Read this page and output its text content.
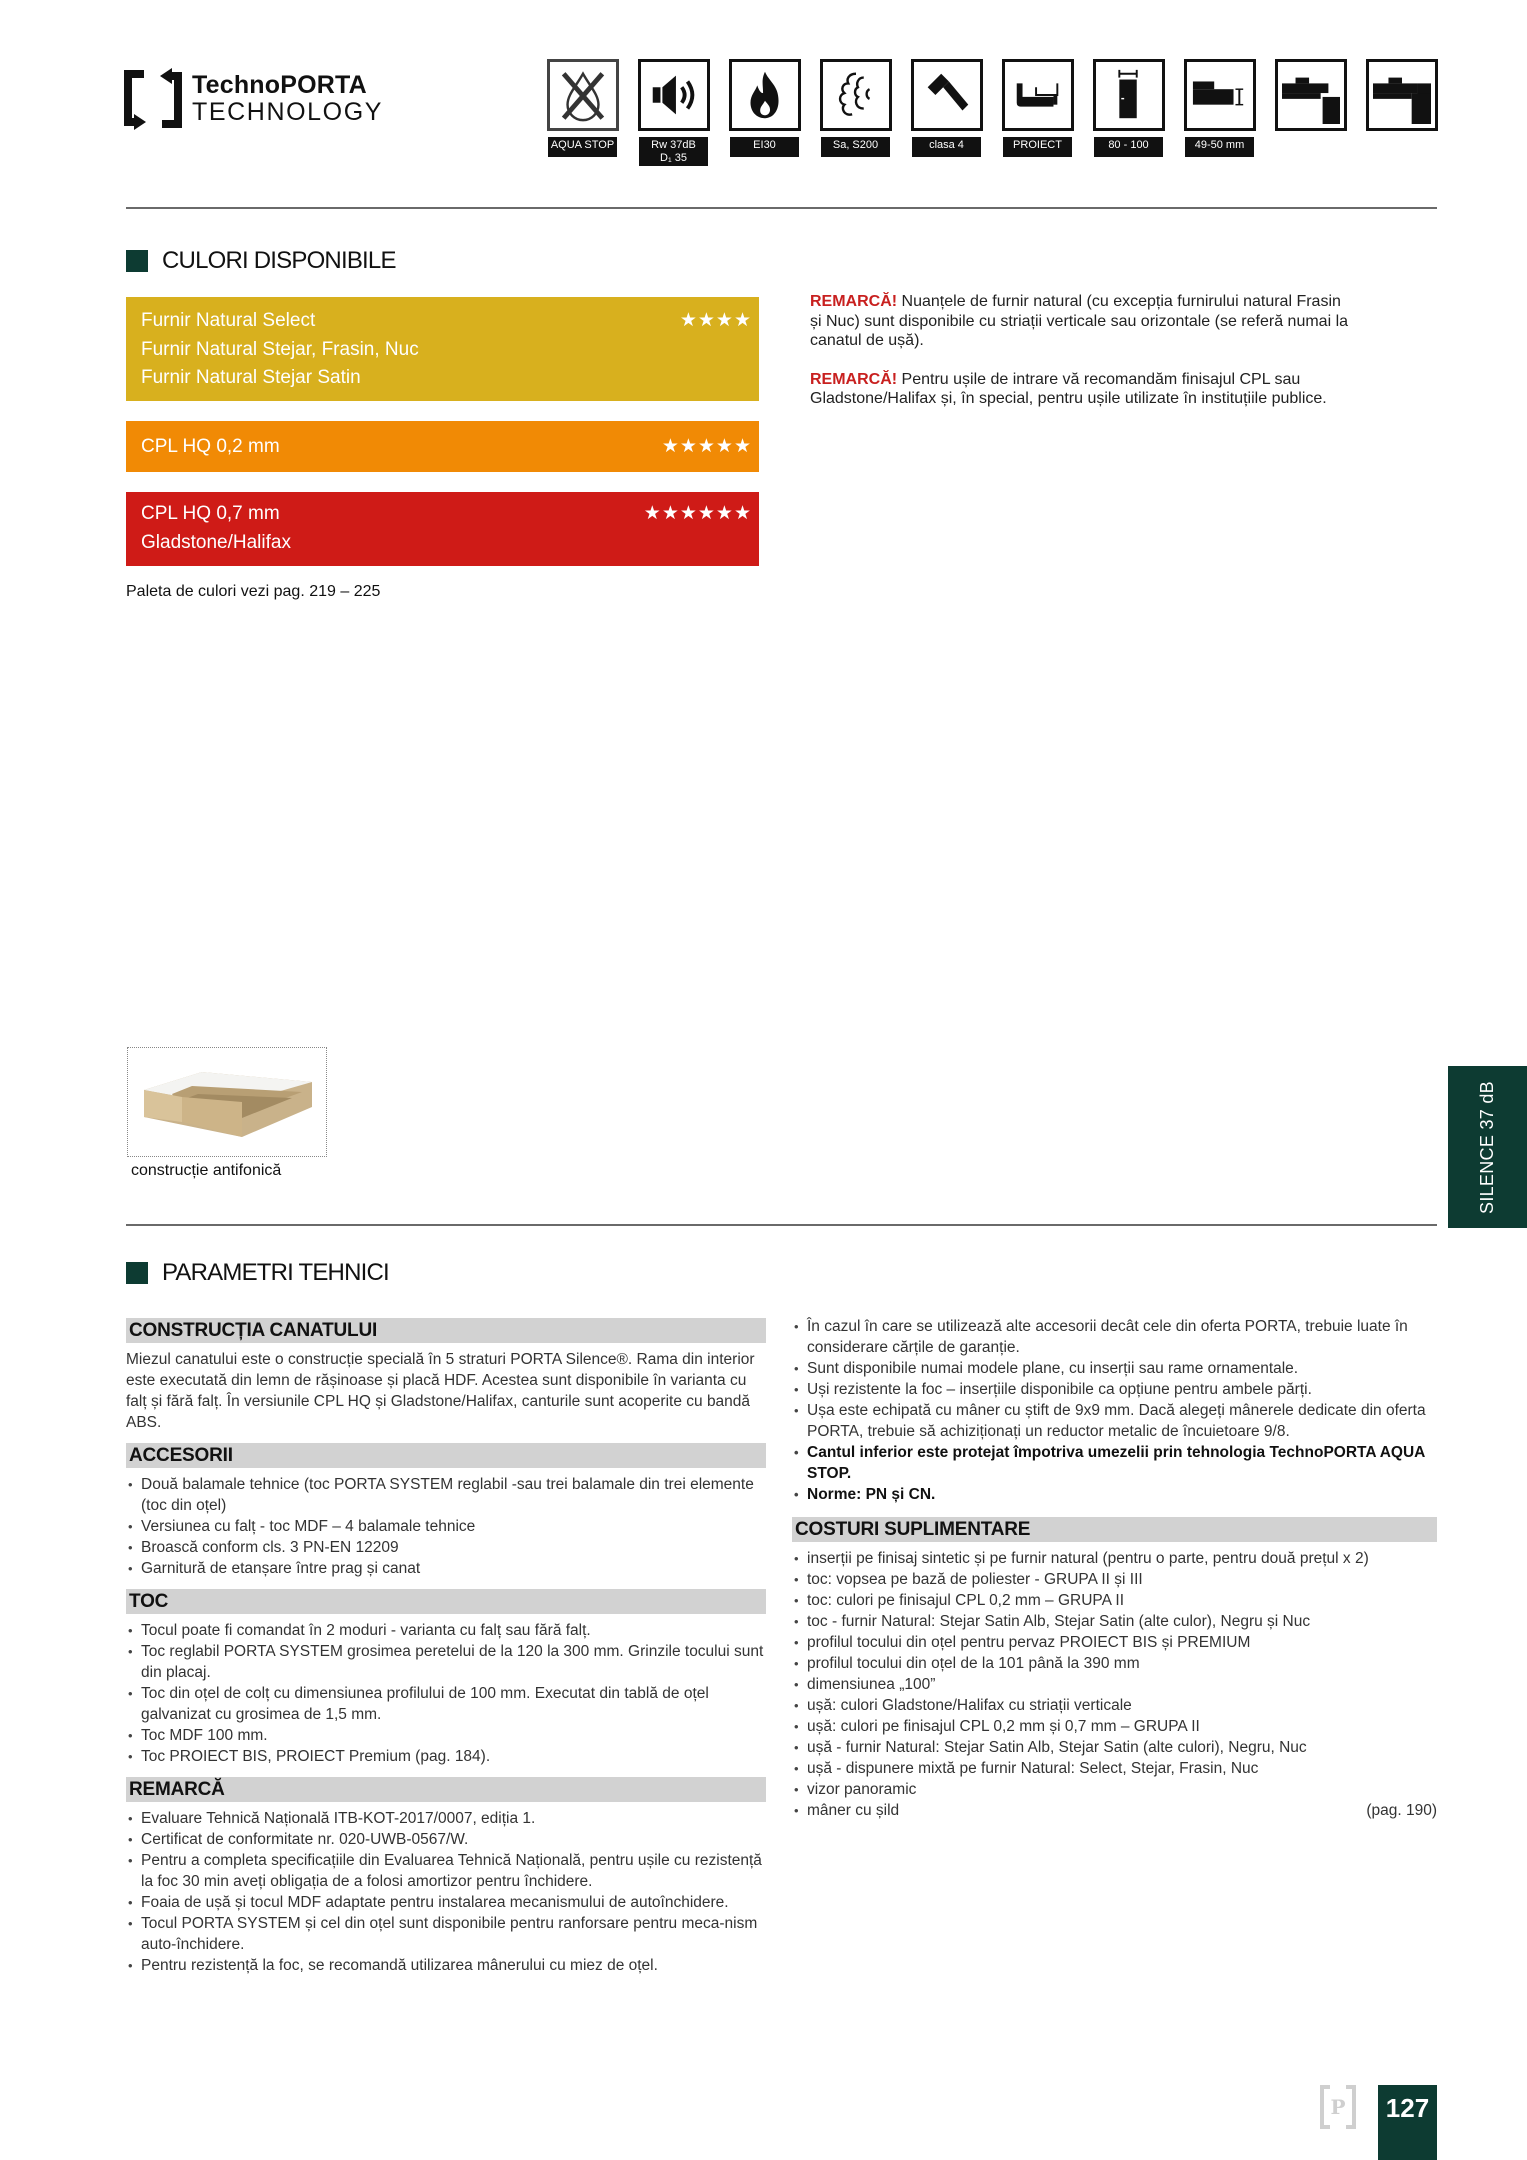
TechnoPORTA
TECHNOLOGY
AQUA STOP	Rw 37dB
D₁ 35
EI30	Sa, S200	clasa 4	PROIECT	80 - 100	49-50 mm
CULORI DISPONIBILE
Furnir Natural Select
Furnir Natural Stejar, Frasin, Nuc
Furnir Natural Stejar Satin
★★★★
CPL HQ 0,2 mm	★★★★★
CPL HQ 0,7 mm
Gladstone/Halifax
★★★★★★
Paleta de culori vezi pag. 219 – 225

REMARCĂ! Nuanțele de furnir natural (cu excepția furnirului natural Frasin și Nuc) sunt disponibile cu striații verticale sau orizontale (se referă numai la canatul de ușă).

REMARCĂ! Pentru ușile de intrare vă recomandăm finisajul CPL sau Gladstone/Halifax și, în special, pentru ușile utilizate în instituțiile publice.

construcție antifonică	SILENCE 37 dB
PARAMETRI TEHNICI
CONSTRUCȚIA CANATULUI
Miezul canatului este o construcție specială în 5 straturi PORTA Silence®. Rama din interior este executată din lemn de rășinoase și placă HDF. Acestea sunt disponibile în varianta cu falț și fără falț. În versiunile CPL HQ și Gladstone/Halifax, canturile sunt acoperite cu bandă ABS.
ACCESORII
• Două balamale tehnice (toc PORTA SYSTEM reglabil -sau trei balamale din trei elemente (toc din oțel)
• Versiunea cu falț - toc MDF – 4 balamale tehnice
• Broască conform cls. 3 PN-EN 12209
• Garnitură de etanșare între prag și canat
TOC
• Tocul poate fi comandat în 2 moduri - varianta cu falț sau fără falț.
• Toc reglabil PORTA SYSTEM grosimea peretelui de la 120 la 300 mm. Grinzile tocului sunt din placaj.
• Toc din oțel de colț cu dimensiunea profilului de 100 mm. Executat din tablă de oțel galvanizat cu grosimea de 1,5 mm.
• Toc MDF 100 mm.
• Toc PROIECT BIS, PROIECT Premium (pag. 184).
REMARCĂ
• Evaluare Tehnică Națională ITB-KOT-2017/0007, ediția 1.
• Certificat de conformitate nr. 020-UWB-0567/W.
• Pentru a completa specificațiile din Evaluarea Tehnică Națională, pentru ușile cu rezistență la foc 30 min aveți obligația de a folosi amortizor pentru închidere.
• Foaia de ușă și tocul MDF adaptate pentru instalarea mecanismului de autoînchidere.
• Tocul PORTA SYSTEM și cel din oțel sunt disponibile pentru ranforsare pentru meca-nism auto-închidere.
• Pentru rezistență la foc, se recomandă utilizarea mânerului cu miez de oțel.
• În cazul în care se utilizează alte accesorii decât cele din oferta PORTA, trebuie luate în considerare cărțile de garanție.
• Sunt disponibile numai modele plane, cu inserții sau rame ornamentale.
• Uși rezistente la foc – inserțiile disponibile ca opțiune pentru ambele părți.
• Ușa este echipată cu mâner cu știft de 9x9 mm. Dacă alegeți mânerele dedicate din oferta PORTA, trebuie să achiziționați un reductor metalic de încuietoare 9/8.
• Cantul inferior este protejat împotriva umezelii prin tehnologia TechnoPORTA AQUA STOP.
• Norme: PN și CN.
COSTURI SUPLIMENTARE
• inserții pe finisaj sintetic și pe furnir natural (pentru o parte, pentru două prețul x 2)
• toc: vopsea pe bază de poliester - GRUPA II și III
• toc: culori pe finisajul CPL 0,2 mm – GRUPA II
• toc - furnir Natural: Stejar Satin Alb, Stejar Satin (alte culor), Negru și Nuc
• profilul tocului din oțel pentru pervaz PROIECT BIS și PREMIUM
• profilul tocului din oțel de la 101 până la 390 mm
• dimensiunea „100”
• ușă: culori Gladstone/Halifax cu striații verticale
• ușă: culori pe finisajul CPL 0,2 mm și 0,7 mm – GRUPA II
• ușă - furnir Natural: Stejar Satin Alb, Stejar Satin (alte culori), Negru, Nuc
• ușă - dispunere mixtă pe furnir Natural: Select, Stejar, Frasin, Nuc
• vizor panoramic
• mâner cu șild	(pag. 190)
P 127
